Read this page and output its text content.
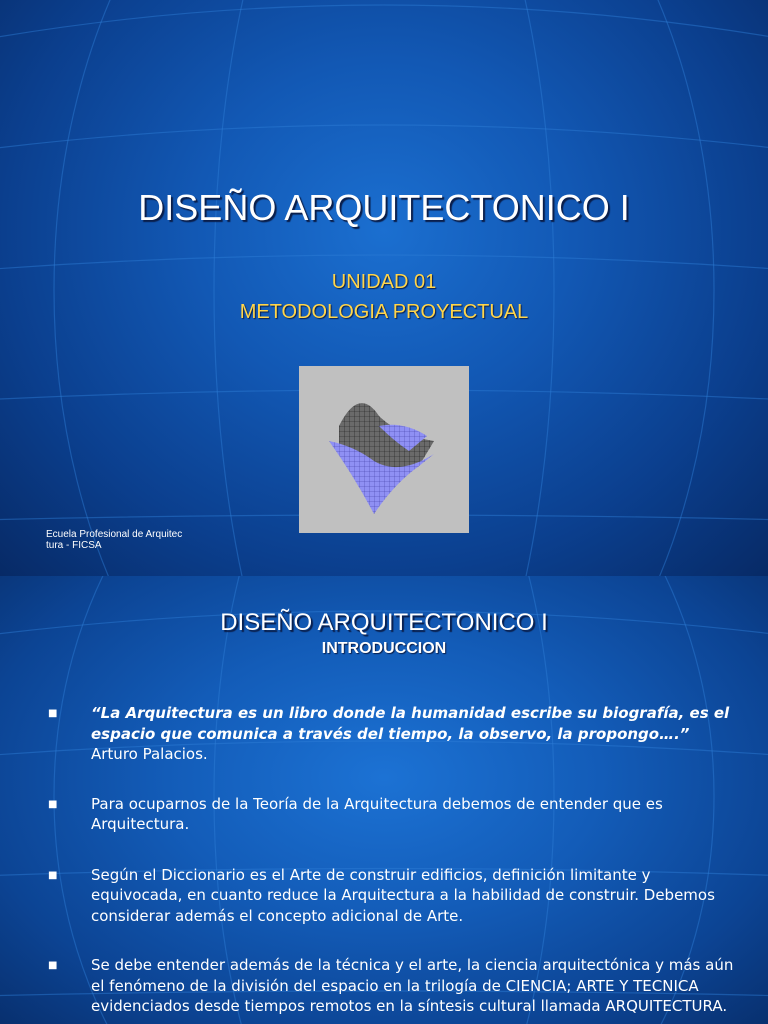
DISEÑO ARQUITECTONICO I
UNIDAD 01
METODOLOGIA PROYECTUAL
Ecuela Profesional de Arquitec
tura - FICSA
DISEÑO ARQUITECTONICO I
INTRODUCCION
■ “La Arquitectura es un libro donde la humanidad escribe su biografía, es el espacio que comunica a través del tiempo, la observo, la propongo….” Arturo Palacios.
■ Para ocuparnos de la Teoría de la Arquitectura debemos de entender que es Arquitectura.
■ Según el Diccionario es el Arte de construir edificios, definición limitante y equivocada, en cuanto reduce la Arquitectura a la habilidad de construir. Debemos considerar además el concepto adicional de Arte.
■ Se debe entender además de la técnica y el arte, la ciencia arquitectónica y más aún el fenómeno de la división del espacio en la trilogía de CIENCIA; ARTE Y TECNICA evidenciados desde tiempos remotos en la síntesis cultural llamada ARQUITECTURA.
